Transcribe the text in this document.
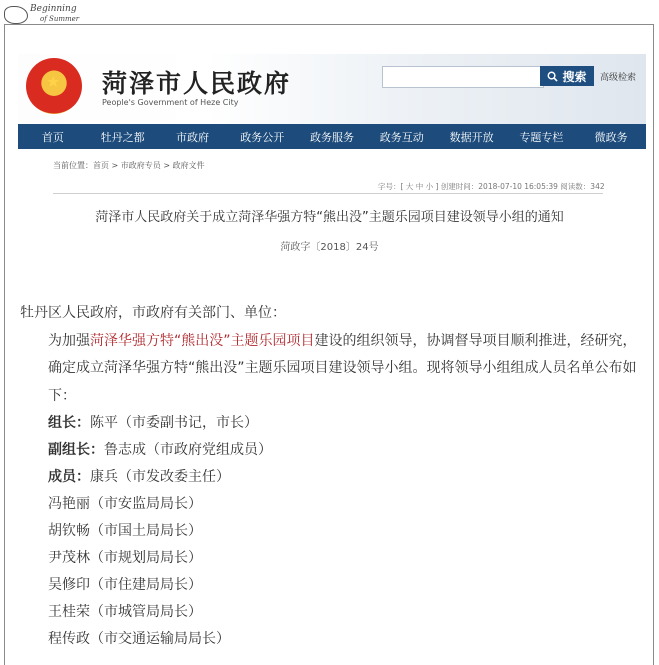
Beginning
of Summer
★ 菏泽市人民政府
People's Government of Heze City
搜索 高级检索
首页	牡丹之都	市政府	政务公开	政务服务	政务互动	数据开放	专题专栏	微政务
当前位置：首页 > 市政府专员 > 政府文件
字号：[ 大 中 小 ] 创建时间：2018-07-10 16:05:39 阅读数：342
菏泽市人民政府关于成立菏泽华强方特“熊出没”主题乐园项目建设领导小组的通知
菏政字〔2018〕24号

牡丹区人民政府，市政府有关部门、单位：

为加强菏泽华强方特“熊出没”主题乐园项目建设的组织领导，协调督导项目顺利推进，经研究，确定成立菏泽华强方特“熊出没”主题乐园项目建设领导小组。现将领导小组组成人员名单公布如下：

组长：陈平（市委副书记，市长）

副组长：鲁志成（市政府党组成员）

成员：康兵（市发改委主任）

冯艳丽（市安监局局长）

胡钦畅（市国土局局长）

尹茂林（市规划局局长）

吴修印（市住建局局长）

王桂荣（市城管局局长）

程传政（市交通运输局局长）
